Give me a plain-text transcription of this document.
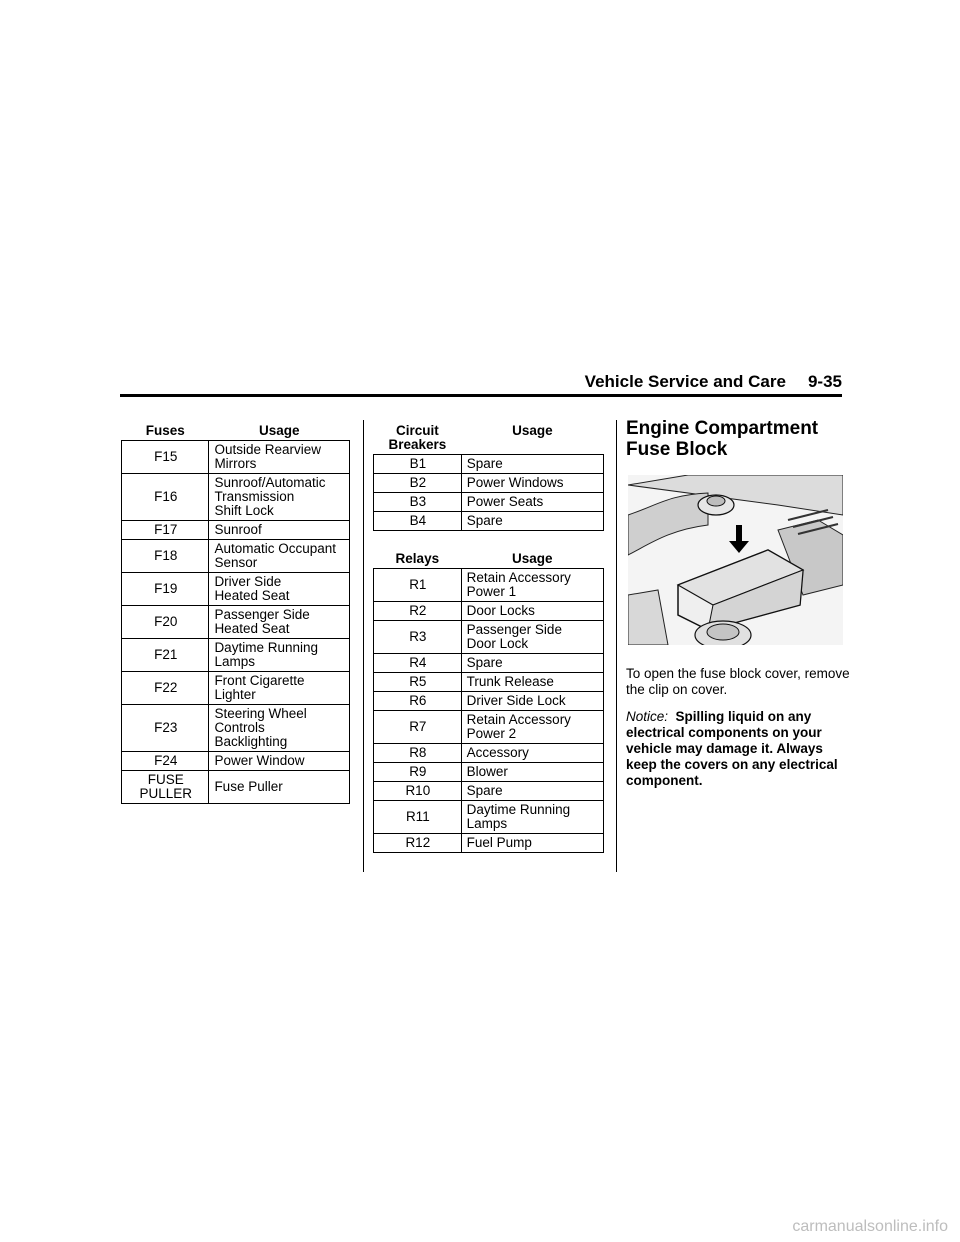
Vehicle Service and Care 9-35
Fuses	Usage
F15	Outside Rearview
Mirrors
F16	Sunroof/Automatic
Transmission
Shift Lock
F17	Sunroof
F18	Automatic Occupant
Sensor
F19	Driver Side
Heated Seat
F20	Passenger Side
Heated Seat
F21	Daytime Running
Lamps
F22	Front Cigarette
Lighter
F23	Steering Wheel
Controls
Backlighting
F24	Power Window
FUSE
PULLER	Fuse Puller
Circuit
Breakers	Usage
B1	Spare
B2	Power Windows
B3	Power Seats
B4	Spare
Relays	Usage
R1	Retain Accessory
Power 1
R2	Door Locks
R3	Passenger Side
Door Lock
R4	Spare
R5	Trunk Release
R6	Driver Side Lock
R7	Retain Accessory
Power 2
R8	Accessory
R9	Blower
R10	Spare
R11	Daytime Running
Lamps
R12	Fuel Pump
Engine Compartment Fuse Block
To open the fuse block cover, remove the clip on cover.
Notice: Spilling liquid on any electrical components on your vehicle may damage it. Always keep the covers on any electrical component.
carmanualsonline.info
